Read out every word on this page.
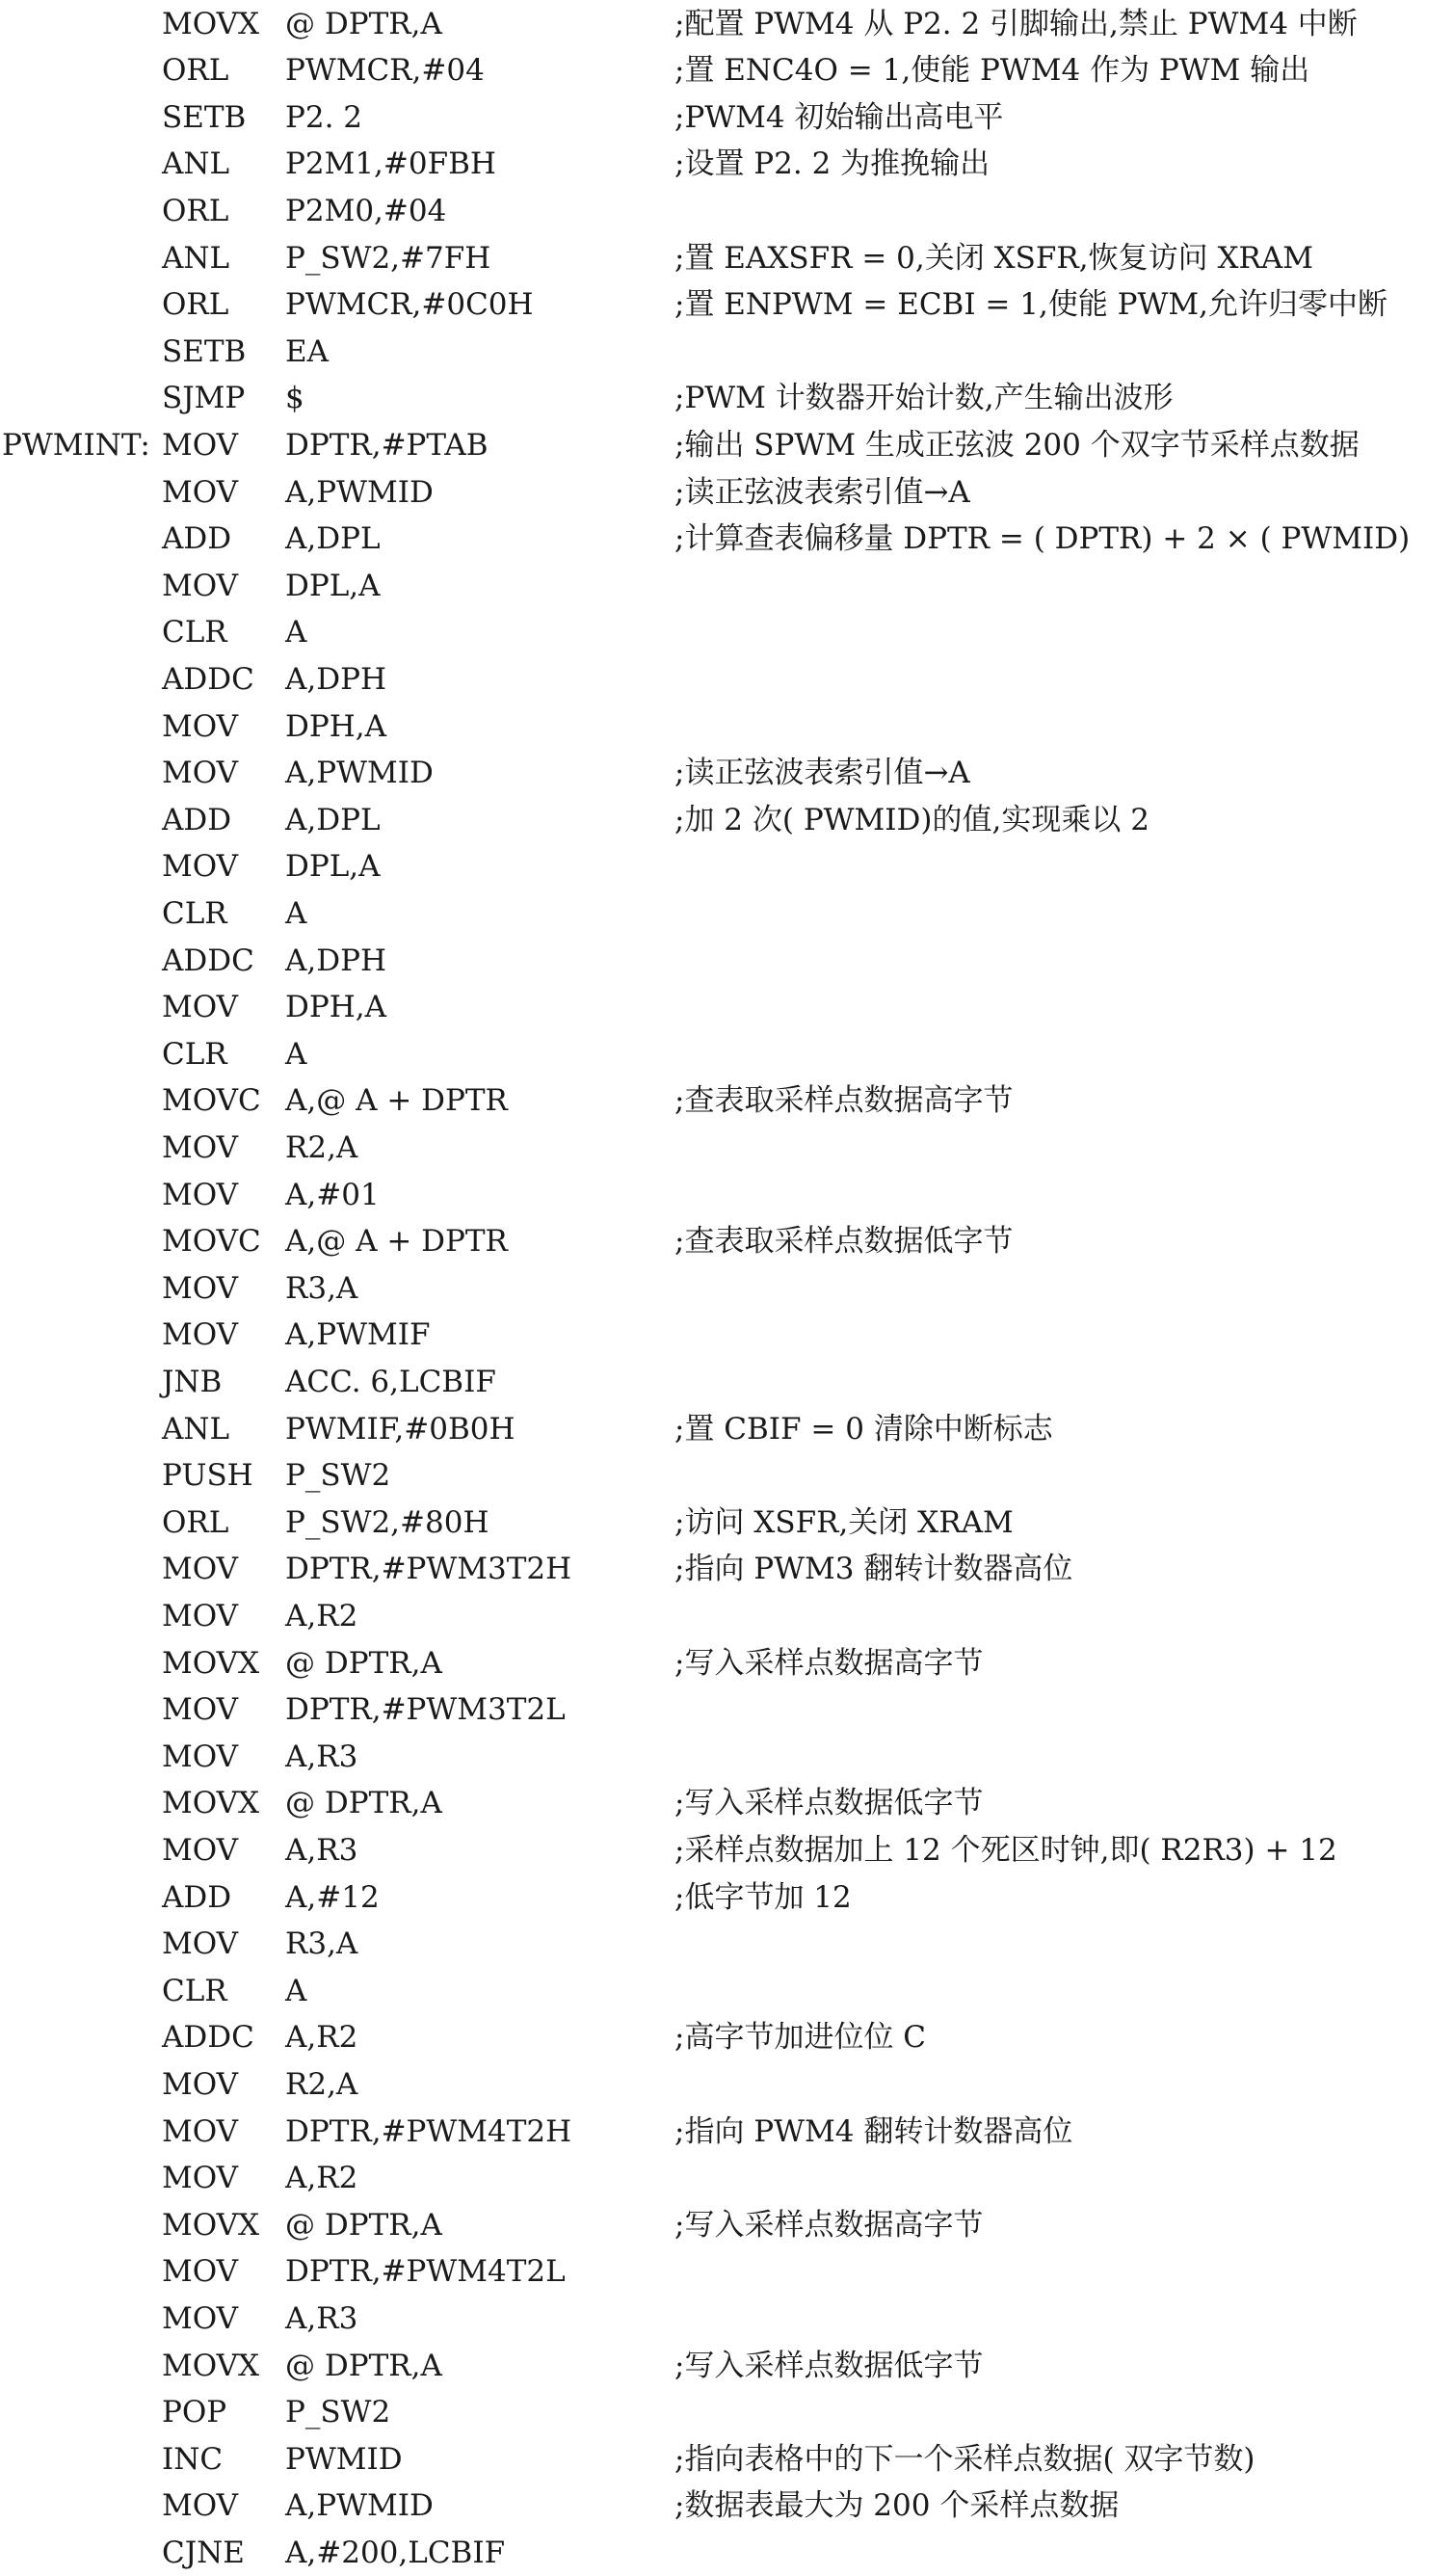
MOVX @ DPTR,A	;配置 PWM4 从 P2. 2 引脚输出,禁止 PWM4 中断
ORL PWMCR,#04	;置 ENC4O = 1,使能 PWM4 作为 PWM 输出
SETB P2. 2	;PWM4 初始输出高电平
ANL P2M1,#0FBH	;设置 P2. 2 为推挽输出
ORL P2M0,#04
ANL P_SW2,#7FH	;置 EAXSFR = 0,关闭 XSFR,恢复访问 XRAM
ORL PWMCR,#0C0H	;置 ENPWM = ECBI = 1,使能 PWM,允许归零中断
SETB EA
SJMP $	;PWM 计数器开始计数,产生输出波形
PWMINT: MOV DPTR,#PTAB	;输出 SPWM 生成正弦波 200 个双字节采样点数据
MOV A,PWMID	;读正弦波表索引值→A
ADD A,DPL	;计算查表偏移量 DPTR = ( DPTR) + 2 × ( PWMID)
MOV DPL,A
CLR A
ADDC A,DPH
MOV DPH,A
MOV A,PWMID	;读正弦波表索引值→A
ADD A,DPL	;加 2 次( PWMID)的值,实现乘以 2
MOV DPL,A
CLR A
ADDC A,DPH
MOV DPH,A
CLR A
MOVC A,@ A + DPTR	;查表取采样点数据高字节
MOV R2,A
MOV A,#01
MOVC A,@ A + DPTR	;查表取采样点数据低字节
MOV R3,A
MOV A,PWMIF
JNB ACC. 6,LCBIF
ANL PWMIF,#0B0H	;置 CBIF = 0 清除中断标志
PUSH P_SW2
ORL P_SW2,#80H	;访问 XSFR,关闭 XRAM
MOV DPTR,#PWM3T2H	;指向 PWM3 翻转计数器高位
MOV A,R2
MOVX @ DPTR,A	;写入采样点数据高字节
MOV DPTR,#PWM3T2L
MOV A,R3
MOVX @ DPTR,A	;写入采样点数据低字节
MOV A,R3	;采样点数据加上 12 个死区时钟,即( R2R3) + 12
ADD A,#12	;低字节加 12
MOV R3,A
CLR A
ADDC A,R2	;高字节加进位位 C
MOV R2,A
MOV DPTR,#PWM4T2H	;指向 PWM4 翻转计数器高位
MOV A,R2
MOVX @ DPTR,A	;写入采样点数据高字节
MOV DPTR,#PWM4T2L
MOV A,R3
MOVX @ DPTR,A	;写入采样点数据低字节
POP P_SW2
INC PWMID	;指向表格中的下一个采样点数据( 双字节数)
MOV A,PWMID	;数据表最大为 200 个采样点数据
CJNE A,#200,LCBIF
